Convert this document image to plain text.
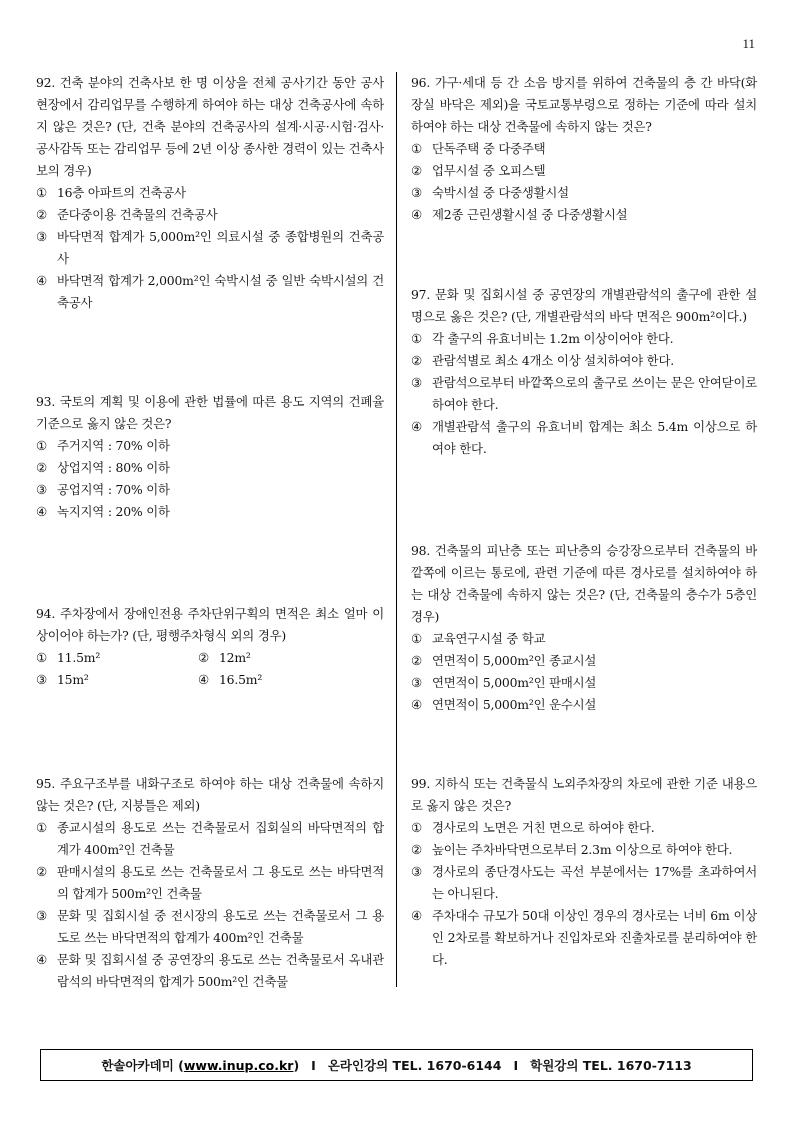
11
92. 건축 분야의 건축사보 한 명 이상을 전체 공사기간 동안 공사현장에서 감리업무를 수행하게 하여야 하는 대상 건축공사에 속하지 않은 것은? (단, 건축 분야의 건축공사의 설계·시공·시험·검사·공사감독 또는 감리업무 등에 2년 이상 종사한 경력이 있는 건축사보의 경우)
① 16층 아파트의 건축공사
② 준다중이용 건축물의 건축공사
③ 바닥면적 합계가 5,000m²인 의료시설 중 종합병원의 건축공사
④ 바닥면적 합계가 2,000m²인 숙박시설 중 일반 숙박시설의 건축공사
93. 국토의 계획 및 이용에 관한 법률에 따른 용도 지역의 건폐율 기준으로 옳지 않은 것은?
① 주거지역 : 70% 이하
② 상업지역 : 80% 이하
③ 공업지역 : 70% 이하
④ 녹지지역 : 20% 이하
94. 주차장에서 장애인전용 주차단위구획의 면적은 최소 얼마 이상이어야 하는가? (단, 평행주차형식 외의 경우)
① 11.5m²	② 12m²
③ 15m²	④ 16.5m²
95. 주요구조부를 내화구조로 하여야 하는 대상 건축물에 속하지 않는 것은? (단, 지붕틀은 제외)
① 종교시설의 용도로 쓰는 건축물로서 집회실의 바닥면적의 합계가 400m²인 건축물
② 판매시설의 용도로 쓰는 건축물로서 그 용도로 쓰는 바닥면적의 합계가 500m²인 건축물
③ 문화 및 집회시설 중 전시장의 용도로 쓰는 건축물로서 그 용도로 쓰는 바닥면적의 합계가 400m²인 건축물
④ 문화 및 집회시설 중 공연장의 용도로 쓰는 건축물로서 옥내관람석의 바닥면적의 합계가 500m²인 건축물
96. 가구·세대 등 간 소음 방지를 위하여 건축물의 층 간 바닥(화장실 바닥은 제외)을 국토교통부령으로 정하는 기준에 따라 설치하여야 하는 대상 건축물에 속하지 않는 것은?
① 단독주택 중 다중주택
② 업무시설 중 오피스텔
③ 숙박시설 중 다중생활시설
④ 제2종 근린생활시설 중 다중생활시설
97. 문화 및 집회시설 중 공연장의 개별관람석의 출구에 관한 설명으로 옳은 것은? (단, 개별관람석의 바닥 면적은 900m²이다.)
① 각 출구의 유효너비는 1.2m 이상이어야 한다.
② 관람석별로 최소 4개소 이상 설치하여야 한다.
③ 관람석으로부터 바깥쪽으로의 출구로 쓰이는 문은 안여닫이로 하여야 한다.
④ 개별관람석 출구의 유효너비 합계는 최소 5.4m 이상으로 하여야 한다.
98. 건축물의 피난층 또는 피난층의 승강장으로부터 건축물의 바깥쪽에 이르는 통로에, 관련 기준에 따른 경사로를 설치하여야 하는 대상 건축물에 속하지 않는 것은? (단, 건축물의 층수가 5층인 경우)
① 교육연구시설 중 학교
② 연면적이 5,000m²인 종교시설
③ 연면적이 5,000m²인 판매시설
④ 연면적이 5,000m²인 운수시설
99. 지하식 또는 건축물식 노외주차장의 차로에 관한 기준 내용으로 옳지 않은 것은?
① 경사로의 노면은 거친 면으로 하여야 한다.
② 높이는 주차바닥면으로부터 2.3m 이상으로 하여야 한다.
③ 경사로의 종단경사도는 곡선 부분에서는 17%를 초과하여서는 아니된다.
④ 주차대수 규모가 50대 이상인 경우의 경사로는 너비 6m 이상인 2차로를 확보하거나 진입차로와 진출차로를 분리하여야 한다.
한솔아카데미
( www.inup.co.kr ) I 온라인강의 TEL. 1670-6144 I 학원강의 TEL. 1670-7113
